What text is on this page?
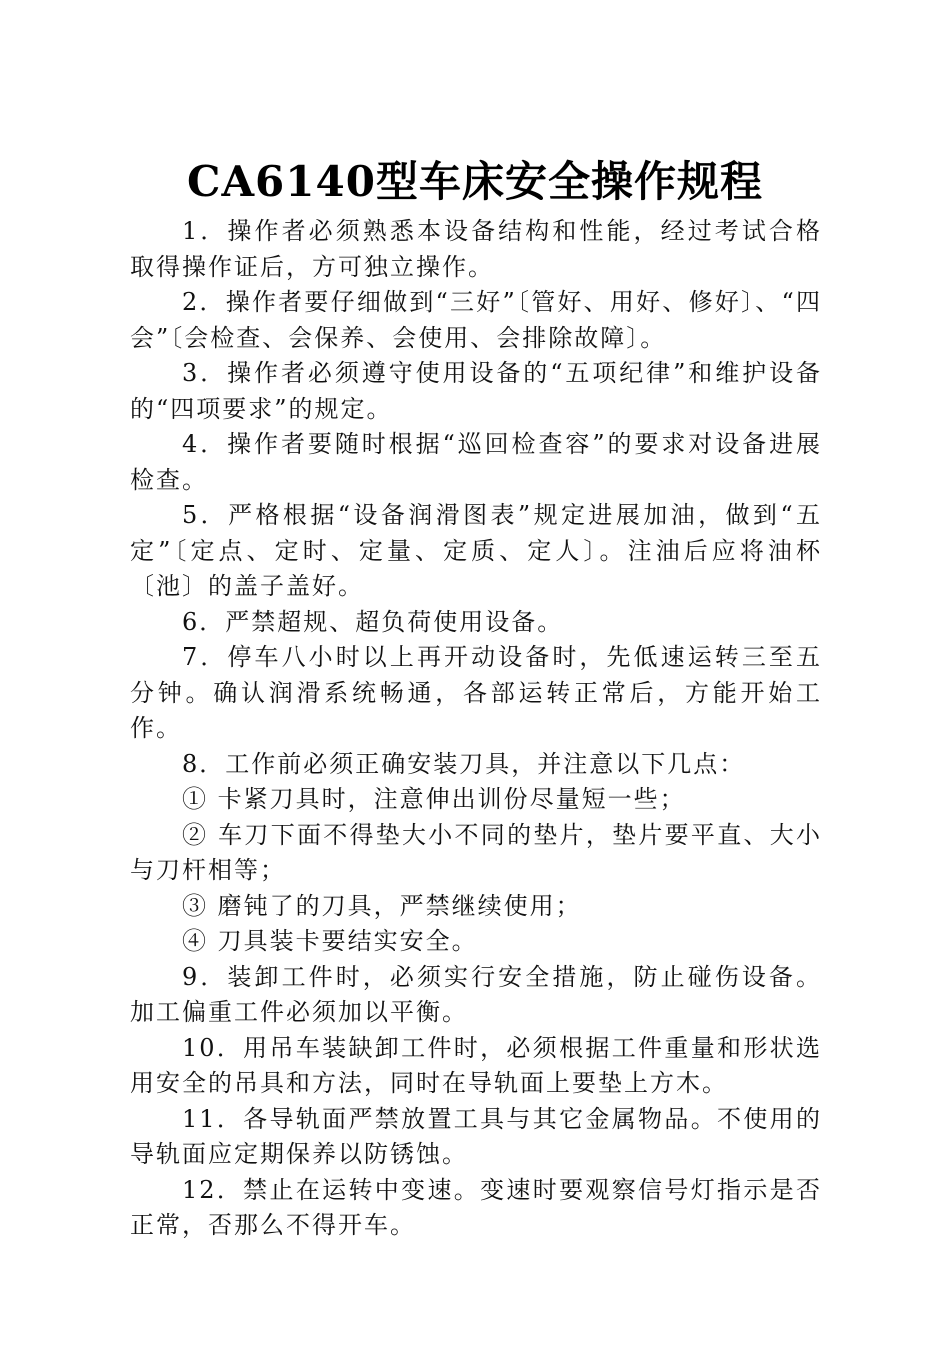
CA6140型车床安全操作规程

1．操作者必须熟悉本设备结构和性能，经过考试合格取得操作证后，方可独立操作。

2．操作者要仔细做到“三好”〔管好、用好、修好〕、“四会”〔会检查、会保养、会使用、会排除故障〕。

3．操作者必须遵守使用设备的“五项纪律”和维护设备的“四项要求”的规定。

4．操作者要随时根据“巡回检查容”的要求对设备进展检查。

5．严格根据“设备润滑图表”规定进展加油，做到“五定”〔定点、定时、定量、定质、定人〕。注油后应将油杯〔池〕的盖子盖好。

6．严禁超规、超负荷使用设备。

7．停车八小时以上再开动设备时，先低速运转三至五分钟。确认润滑系统畅通，各部运转正常后，方能开始工作。

8．工作前必须正确安装刀具，并注意以下几点：

① 卡紧刀具时，注意伸出训份尽量短一些；

② 车刀下面不得垫大小不同的垫片，垫片要平直、大小与刀杆相等；

③ 磨钝了的刀具，严禁继续使用；

④ 刀具装卡要结实安全。

9．装卸工件时，必须实行安全措施，防止碰伤设备。加工偏重工件必须加以平衡。

10．用吊车装缺卸工件时，必须根据工件重量和形状选用安全的吊具和方法，同时在导轨面上要垫上方木。

11．各导轨面严禁放置工具与其它金属物品。不使用的导轨面应定期保养以防锈蚀。

12．禁止在运转中变速。变速时要观察信号灯指示是否正常，否那么不得开车。
